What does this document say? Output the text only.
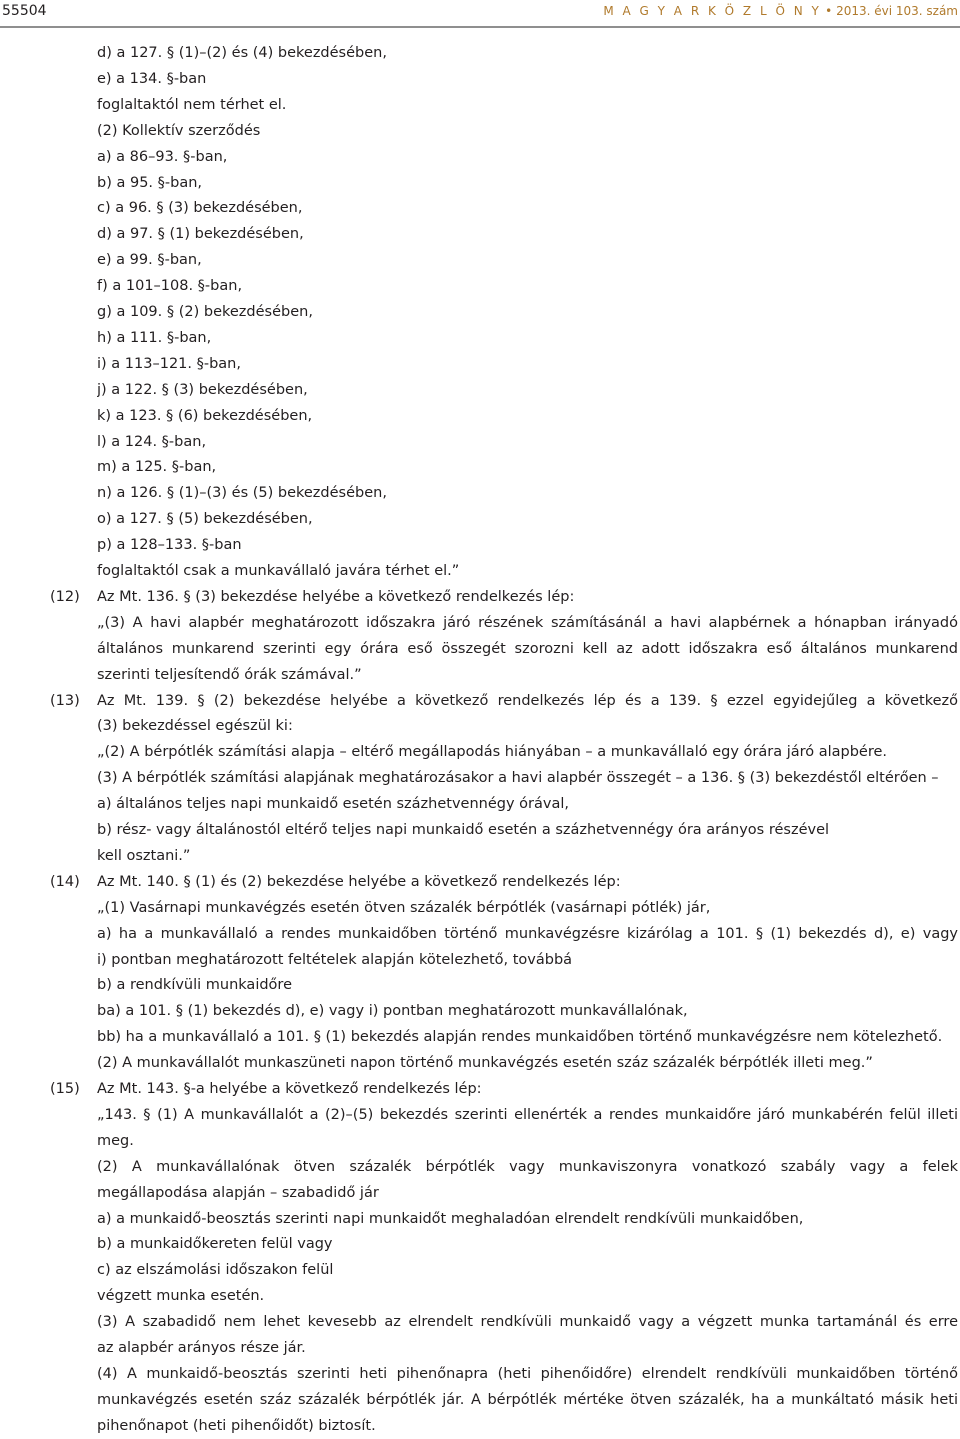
55504	M A G Y A R K Ö Z L Ö N Y • 2013. évi 103. szám
d) a 127. § (1)–(2) és (4) bekezdésében,
e) a 134. §-ban
foglaltaktól nem térhet el.
(2) Kollektív szerződés
a) a 86–93. §-ban,
b) a 95. §-ban,
c) a 96. § (3) bekezdésében,
d) a 97. § (1) bekezdésében,
e) a 99. §-ban,
f) a 101–108. §-ban,
g) a 109. § (2) bekezdésében,
h) a 111. §-ban,
i) a 113–121. §-ban,
j) a 122. § (3) bekezdésében,
k) a 123. § (6) bekezdésében,
l) a 124. §-ban,
m) a 125. §-ban,
n) a 126. § (1)–(3) és (5) bekezdésében,
o) a 127. § (5) bekezdésében,
p) a 128–133. §-ban
foglaltaktól csak a munkavállaló javára térhet el.”
(12) Az Mt. 136. § (3) bekezdése helyébe a következő rendelkezés lép:
„(3) A havi alapbér meghatározott időszakra járó részének számításánál a havi alapbérnek a hónapban irányadó
általános munkarend szerinti egy órára eső összegét szorozni kell az adott időszakra eső általános munkarend
szerinti teljesítendő órák számával.”
(13) Az Mt. 139. § (2) bekezdése helyébe a következő rendelkezés lép és a 139. § ezzel egyidejűleg a következő
(3) bekezdéssel egészül ki:
„(2) A bérpótlék számítási alapja – eltérő megállapodás hiányában – a munkavállaló egy órára járó alapbére.
(3) A bérpótlék számítási alapjának meghatározásakor a havi alapbér összegét – a 136. § (3) bekezdéstől eltérően –
a) általános teljes napi munkaidő esetén százhetvennégy órával,
b) rész- vagy általánostól eltérő teljes napi munkaidő esetén a százhetvennégy óra arányos részével
kell osztani.”
(14) Az Mt. 140. § (1) és (2) bekezdése helyébe a következő rendelkezés lép:
„(1) Vasárnapi munkavégzés esetén ötven százalék bérpótlék (vasárnapi pótlék) jár,
a) ha a munkavállaló a rendes munkaidőben történő munkavégzésre kizárólag a 101. § (1) bekezdés d), e) vagy
i) pontban meghatározott feltételek alapján kötelezhető, továbbá
b) a rendkívüli munkaidőre
ba) a 101. § (1) bekezdés d), e) vagy i) pontban meghatározott munkavállalónak,
bb) ha a munkavállaló a 101. § (1) bekezdés alapján rendes munkaidőben történő munkavégzésre nem kötelezhető.
(2) A munkavállalót munkaszüneti napon történő munkavégzés esetén száz százalék bérpótlék illeti meg.”
(15) Az Mt. 143. §-a helyébe a következő rendelkezés lép:
„143. § (1) A munkavállalót a (2)–(5) bekezdés szerinti ellenérték a rendes munkaidőre járó munkabérén felül illeti
meg.
(2) A munkavállalónak ötven százalék bérpótlék vagy munkaviszonyra vonatkozó szabály vagy a felek
megállapodása alapján – szabadidő jár
a) a munkaidő-beosztás szerinti napi munkaidőt meghaladóan elrendelt rendkívüli munkaidőben,
b) a munkaidőkereten felül vagy
c) az elszámolási időszakon felül
végzett munka esetén.
(3) A szabadidő nem lehet kevesebb az elrendelt rendkívüli munkaidő vagy a végzett munka tartamánál és erre
az alapbér arányos része jár.
(4) A munkaidő-beosztás szerinti heti pihenőnapra (heti pihenőidőre) elrendelt rendkívüli munkaidőben történő
munkavégzés esetén száz százalék bérpótlék jár. A bérpótlék mértéke ötven százalék, ha a munkáltató másik heti
pihenőnapot (heti pihenőidőt) biztosít.
